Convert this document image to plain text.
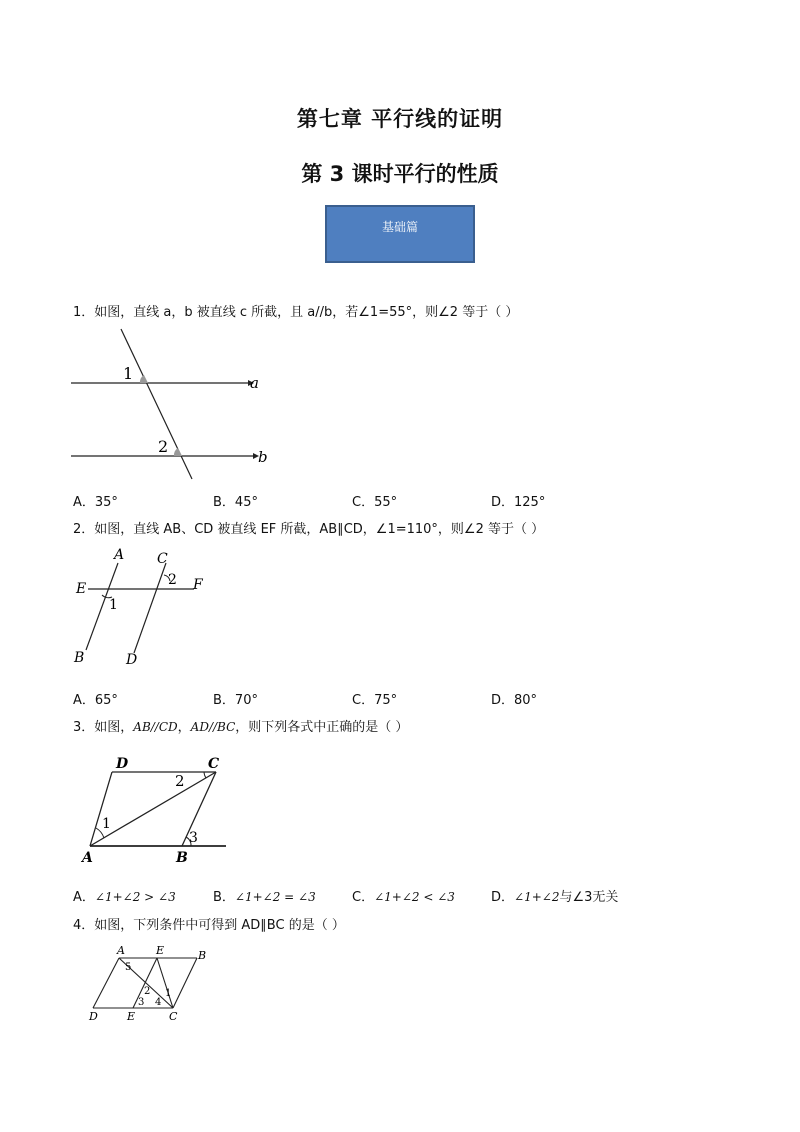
第七章 平行线的证明
第 3 课时平行的性质
基础篇
1．如图，直线 a，b 被直线 c 所截，且 a//b，若∠1=55°，则∠2 等于（ ）
1	a
2
b
A．35°	B．45°	C．55°	D．125°
2．如图，直线 AB、CD 被直线 EF 所截，AB∥CD，∠1=110°，则∠2 等于（ ）
A C
2
E	F
1
B	D
A．65°	B．70°	C．75°	D．80°
3．如图，AB//CD，AD//BC，则下列各式中正确的是（ ）
D	C
2
1
3
A	B
A．∠1+∠2 > ∠3	B．∠1+∠2 = ∠3	C．∠1+∠2 < ∠3	D．∠1+∠2与∠3无关
4．如图，下列条件中可得到 AD∥BC 的是（ ）
A	E	B
5
2 1
3 4
D	E	C
